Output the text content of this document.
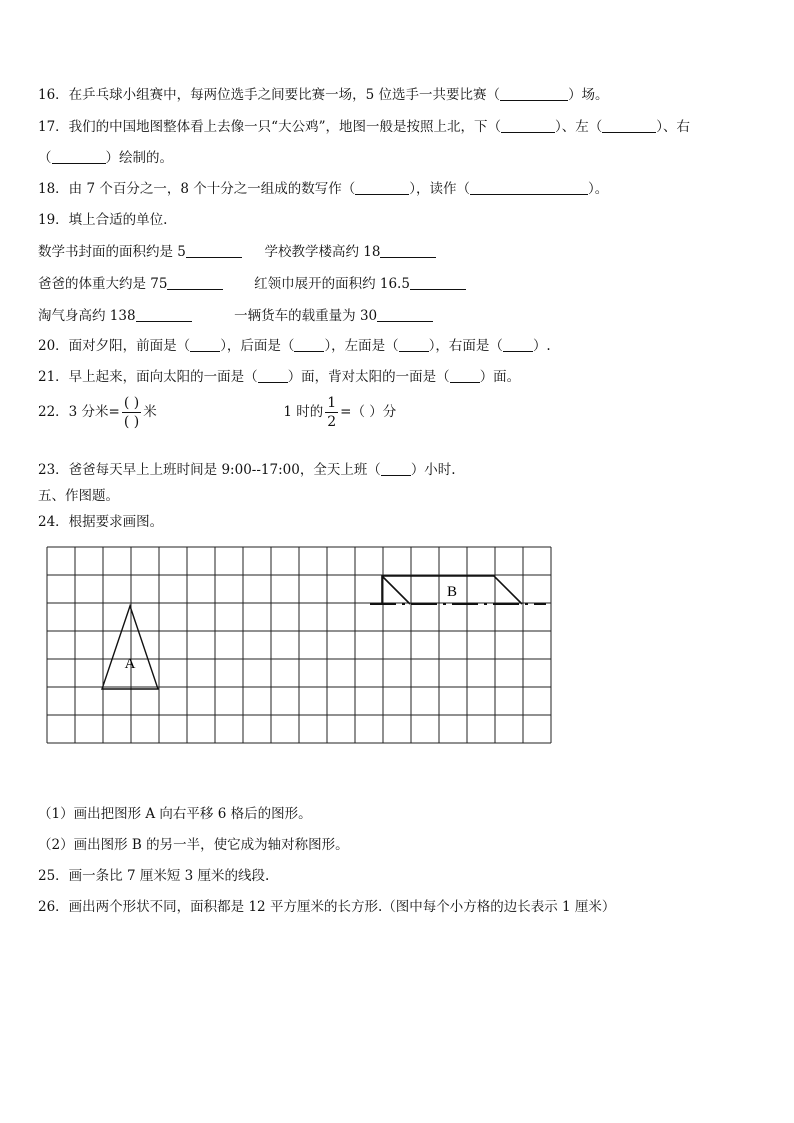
16．在乒乓球小组赛中，每两位选手之间要比赛一场，5 位选手一共要比赛（	）场。
17．我们的中国地图整体看上去像一只“大公鸡”，地图一般是按照上北，下（	）、左（	）、右
（	）绘制的。
18．由 7 个百分之一，8 个十分之一组成的数写作（	），读作（	）。
19．填上合适的单位.
数学书封面的面积约是 5	学校教学楼高约 18
爸爸的体重大约是 75	红领巾展开的面积约 16.5
淘气身高约 138	一辆货车的载重量为 30
20．面对夕阳，前面是（ ），后面是（ ），左面是（ ），右面是（ ）.
21．早上起来，面向太阳的一面是（ ）面，背对太阳的一面是（ ）面。
22．3 分米= $\frac{( )}{( )}$ 米	1 时的 $\frac{1}{2}$ =（ ）分
23．爸爸每天早上上班时间是 9:00--17:00，全天上班（ ）小时.
五、作图题。
24．根据要求画图。
A
B
（1）画出把图形 A 向右平移 6 格后的图形。
（2）画出图形 B 的另一半，使它成为轴对称图形。
25．画一条比 7 厘米短 3 厘米的线段.
26．画出两个形状不同，面积都是 12 平方厘米的长方形.（图中每个小方格的边长表示 1 厘米）
